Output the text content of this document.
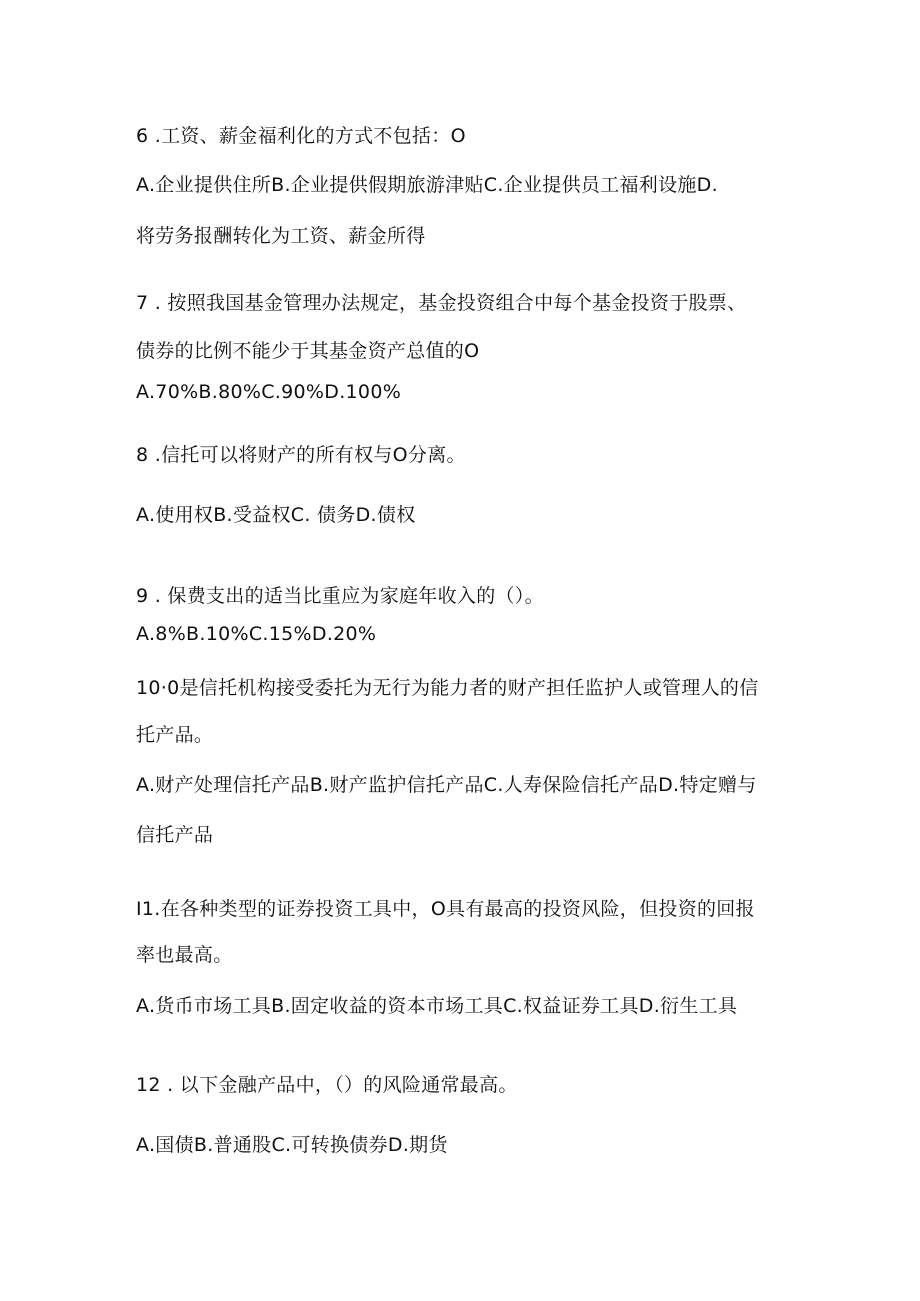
6 .工资、薪金福利化的方式不包括：O
A.企业提供住所B.企业提供假期旅游津贴C.企业提供员工福利设施D.
将劳务报酬转化为工资、薪金所得
7 . 按照我国基金管理办法规定，基金投资组合中每个基金投资于股票、
债券的比例不能少于其基金资产总值的O
A.70%B.80%C.90%D.100%
8 .信托可以将财产的所有权与O分离。
A.使用权B.受益权C. 债务D.债权
9 . 保费支出的适当比重应为家庭年收入的（）。
A.8%B.10%C.15%D.20%
10·0是信托机构接受委托为无行为能力者的财产担任监护人或管理人的信
托产品。
A.财产处理信托产品B.财产监护信托产品C.人寿保险信托产品D.特定赠与
信托产品
I1.在各种类型的证券投资工具中，O具有最高的投资风险，但投资的回报
率也最高。
A.货币市场工具B.固定收益的资本市场工具C.权益证券工具D.衍生工具
12 . 以下金融产品中，（）的风险通常最高。
A.国债B.普通股C.可转换债券D.期货
